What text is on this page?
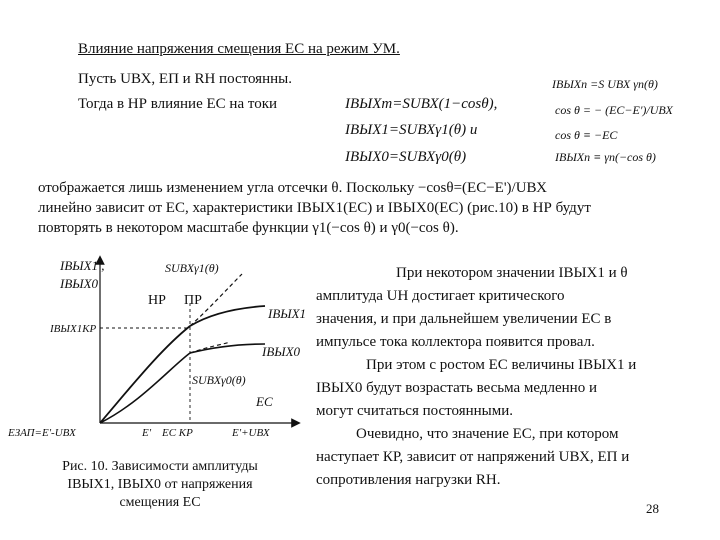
Влияние напряжения смещения EC на режим УМ.
Пусть UВХ, EП и RН постоянны.
Тогда в НР влияние EC на токи	IВЫХm=SUВХ(1−cosθ),
IВЫХ1=SUВХγ1(θ) и
IВЫХ0=SUВХγ0(θ)
IВЫХn =S UВХ γn(θ)
cos θ = − (EC−E')/UВХ
cos θ ≡ −EC
IВЫХn ≡ γn(−cos θ)
отображается лишь изменением угла отсечки θ. Поскольку −cosθ=(EC−E')/UВХ
линейно зависит от EC, характеристики IВЫХ1(EC) и IВЫХ0(EC) (рис.10) в НР будут
повторять в некотором масштабе функции γ1(−cos θ) и γ0(−cos θ).
IВЫХ1 ,
IВЫХ0
IВЫХ1КР
SUВХγ1(θ)
НР ПР
IВЫХ1
IВЫХ0
SUВХγ0(θ)
EC
EЗАП=E'-UВХ	E' EС КР	E'+UВХ
Рис. 10. Зависимости амплитуды
IВЫХ1, IВЫХ0 от напряжения
смещения EC
При некотором значении IВЫХ1 и θ
амплитуда UН достигает критического
значения, и при дальнейшем увеличении EC в
импульсе тока коллектора появится провал.
При этом с ростом EC величины IВЫХ1 и
IВЫХ0 будут возрастать весьма медленно и
могут считаться постоянными.
Очевидно, что значение EC, при котором
наступает КР, зависит от напряжений UВХ, EП и
сопротивления нагрузки RН.
28
